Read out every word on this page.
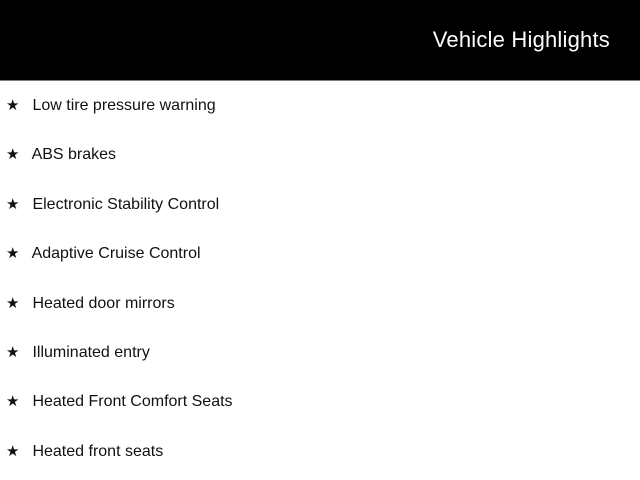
Vehicle Highlights
★ Low tire pressure warning
★ ABS brakes
★ Electronic Stability Control
★ Adaptive Cruise Control
★ Heated door mirrors
★ Illuminated entry
★ Heated Front Comfort Seats
★ Heated front seats
